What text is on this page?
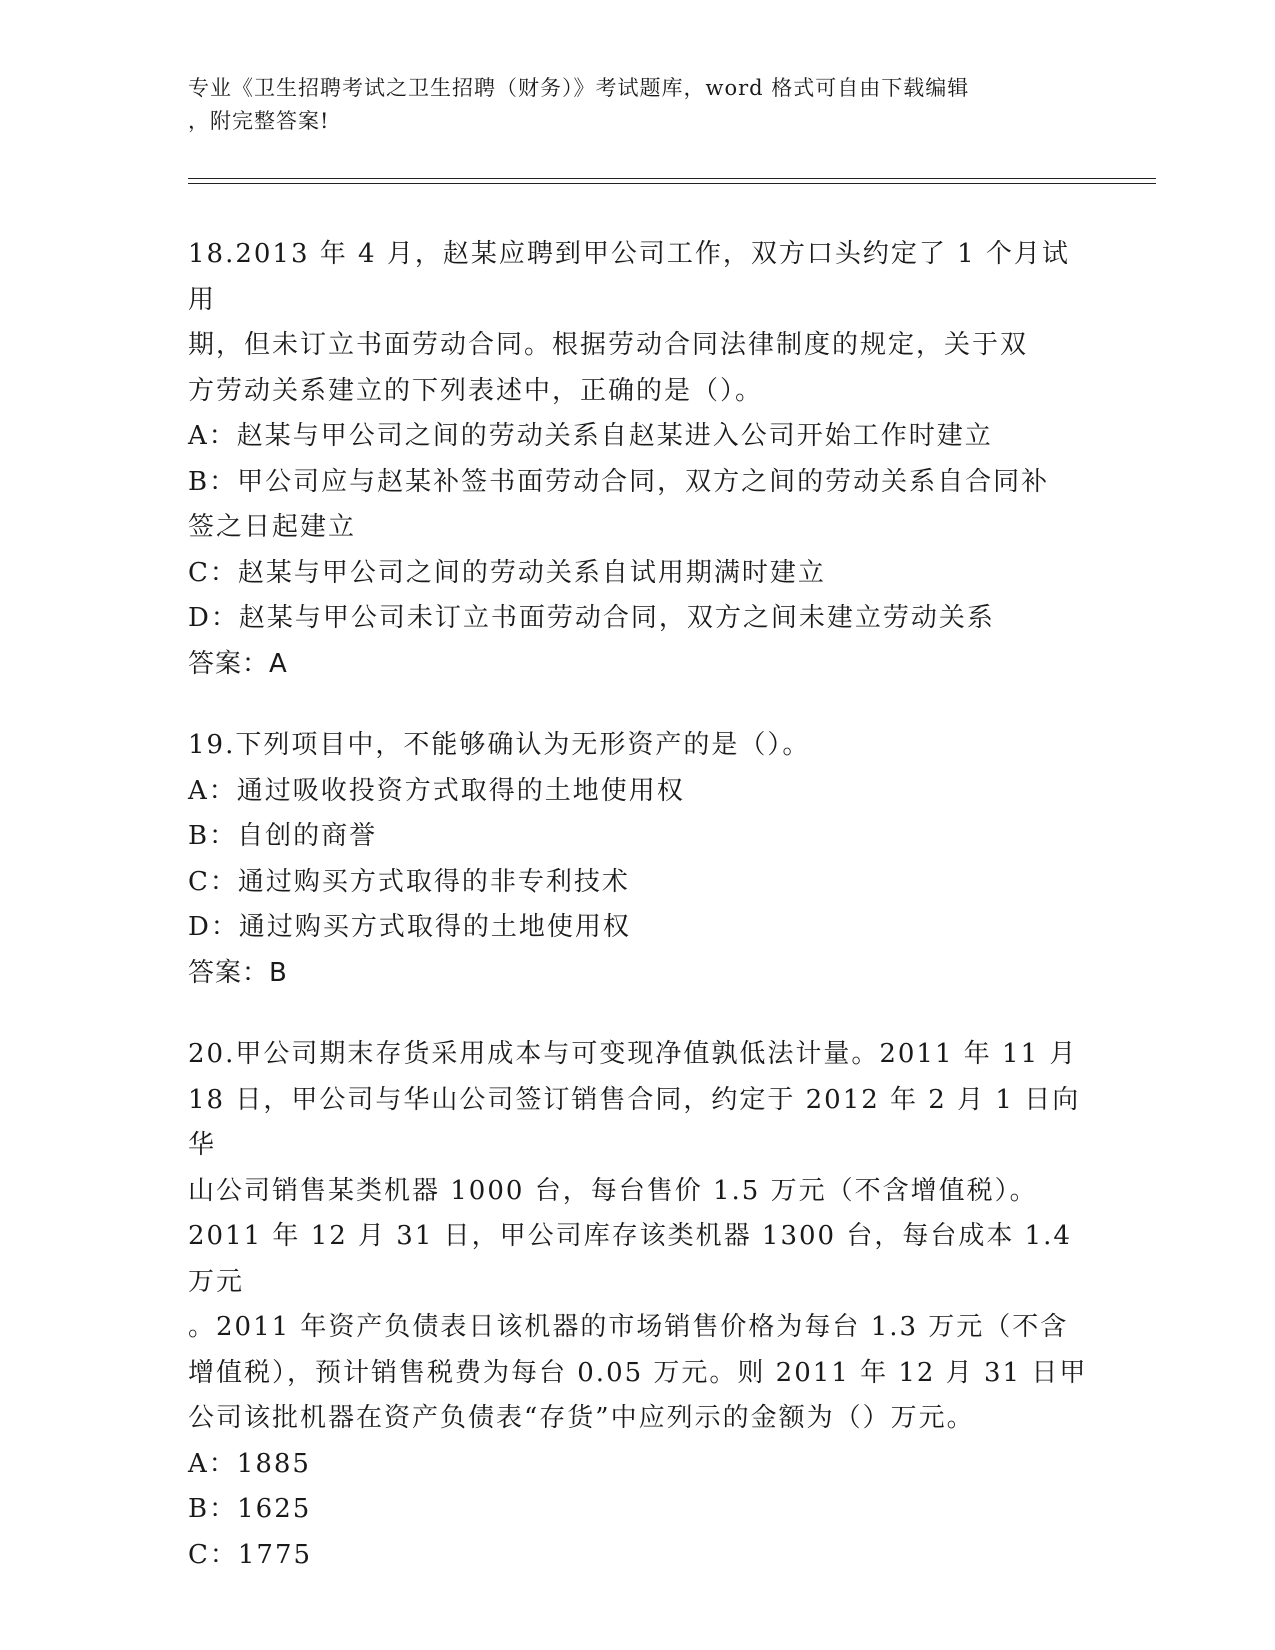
专业《卫生招聘考试之卫生招聘（财务）》考试题库，word 格式可自由下载编辑
，附完整答案!
18.2013 年 4 月，赵某应聘到甲公司工作，双方口头约定了 1 个月试用
期，但未订立书面劳动合同。根据劳动合同法律制度的规定，关于双
方劳动关系建立的下列表述中，正确的是（）。
A：赵某与甲公司之间的劳动关系自赵某进入公司开始工作时建立
B：甲公司应与赵某补签书面劳动合同，双方之间的劳动关系自合同补
签之日起建立
C：赵某与甲公司之间的劳动关系自试用期满时建立
D：赵某与甲公司未订立书面劳动合同，双方之间未建立劳动关系
答案：A
19.下列项目中，不能够确认为无形资产的是（）。
A：通过吸收投资方式取得的土地使用权
B：自创的商誉
C：通过购买方式取得的非专利技术
D：通过购买方式取得的土地使用权
答案：B
20.甲公司期末存货采用成本与可变现净值孰低法计量。2011 年 11 月
18 日，甲公司与华山公司签订销售合同，约定于 2012 年 2 月 1 日向华
山公司销售某类机器 1000 台，每台售价 1.5 万元（不含增值税）。
2011 年 12 月 31 日，甲公司库存该类机器 1300 台，每台成本 1.4 万元
。2011 年资产负债表日该机器的市场销售价格为每台 1.3 万元（不含
增值税），预计销售税费为每台 0.05 万元。则 2011 年 12 月 31 日甲
公司该批机器在资产负债表“存货”中应列示的金额为（）万元。
A：1885
B：1625
C：1775
